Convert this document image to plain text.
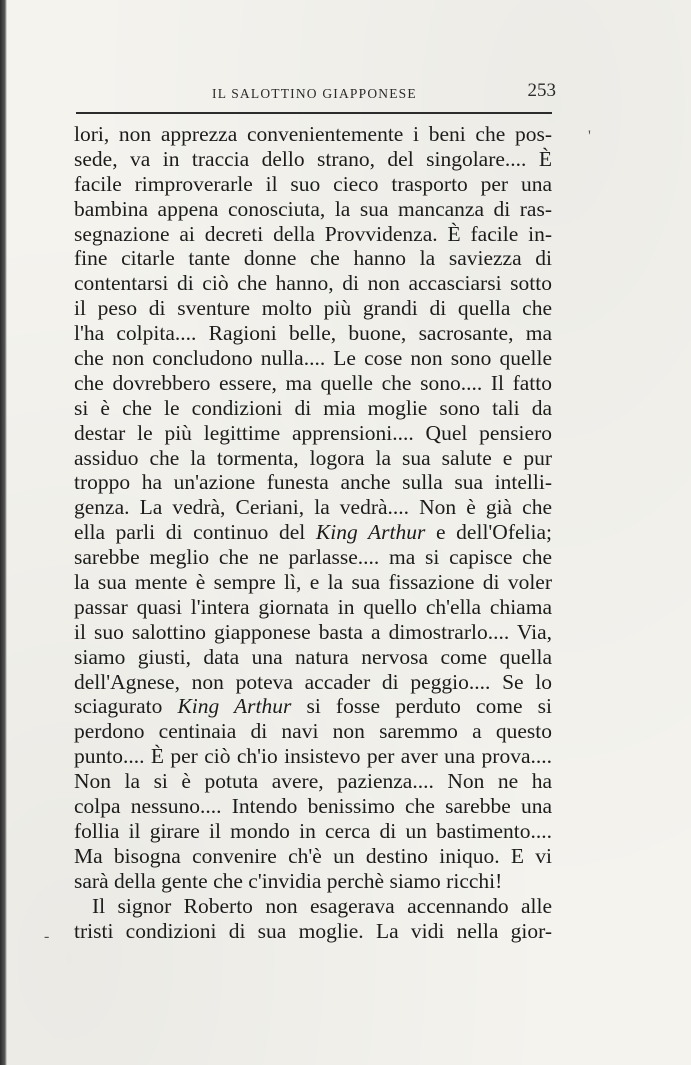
IL SALOTTINO GIAPPONESE	253
lori, non apprezza convenientemente i beni che pos-
sede, va in traccia dello strano, del singolare.... È
facile rimproverarle il suo cieco trasporto per una
bambina appena conosciuta, la sua mancanza di ras-
segnazione ai decreti della Provvidenza. È facile in-
fine citarle tante donne che hanno la saviezza di
contentarsi di ciò che hanno, di non accasciarsi sotto
il peso di sventure molto più grandi di quella che
l'ha colpita.... Ragioni belle, buone, sacrosante, ma
che non concludono nulla.... Le cose non sono quelle
che dovrebbero essere, ma quelle che sono.... Il fatto
si è che le condizioni di mia moglie sono tali da
destar le più legittime apprensioni.... Quel pensiero
assiduo che la tormenta, logora la sua salute e pur
troppo ha un'azione funesta anche sulla sua intelli-
genza. La vedrà, Ceriani, la vedrà.... Non è già che
ella parli di continuo del King Arthur e dell'Ofelia;
sarebbe meglio che ne parlasse.... ma si capisce che
la sua mente è sempre lì, e la sua fissazione di voler
passar quasi l'intera giornata in quello ch'ella chiama
il suo salottino giapponese basta a dimostrarlo.... Via,
siamo giusti, data una natura nervosa come quella
dell'Agnese, non poteva accader di peggio.... Se lo
sciagurato King Arthur si fosse perduto come si
perdono centinaia di navi non saremmo a questo
punto.... È per ciò ch'io insistevo per aver una prova....
Non la si è potuta avere, pazienza.... Non ne ha
colpa nessuno.... Intendo benissimo che sarebbe una
follia il girare il mondo in cerca di un bastimento....
Ma bisogna convenire ch'è un destino iniquo. E vi
sarà della gente che c'invidia perchè siamo ricchi!
Il signor Roberto non esagerava accennando alle
tristi condizioni di sua moglie. La vidi nella gior-
'
-
